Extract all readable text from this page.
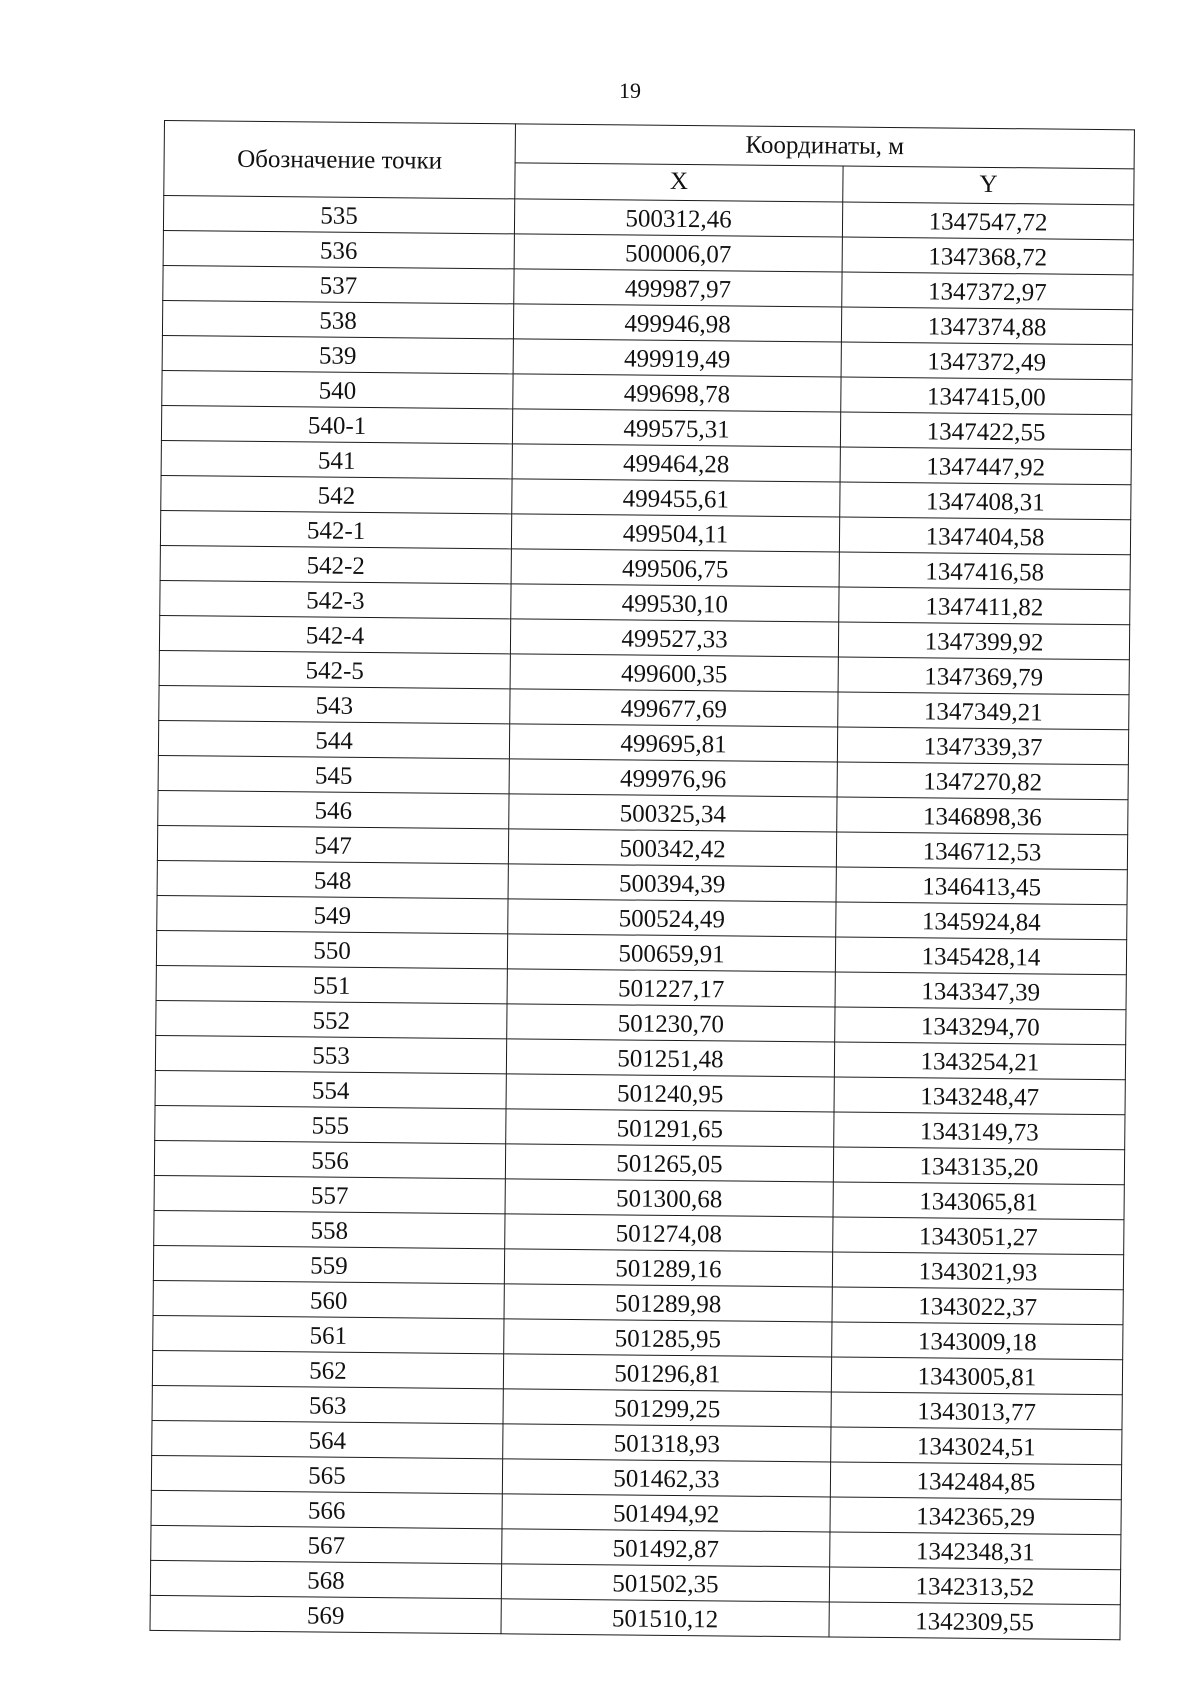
19
Обозначение точки	Координаты, м	
	X	Y
535	500312,46	1347547,72
536	500006,07	1347368,72
537	499987,97	1347372,97
538	499946,98	1347374,88
539	499919,49	1347372,49
540	499698,78	1347415,00
540-1	499575,31	1347422,55
541	499464,28	1347447,92
542	499455,61	1347408,31
542-1	499504,11	1347404,58
542-2	499506,75	1347416,58
542-3	499530,10	1347411,82
542-4	499527,33	1347399,92
542-5	499600,35	1347369,79
543	499677,69	1347349,21
544	499695,81	1347339,37
545	499976,96	1347270,82
546	500325,34	1346898,36
547	500342,42	1346712,53
548	500394,39	1346413,45
549	500524,49	1345924,84
550	500659,91	1345428,14
551	501227,17	1343347,39
552	501230,70	1343294,70
553	501251,48	1343254,21
554	501240,95	1343248,47
555	501291,65	1343149,73
556	501265,05	1343135,20
557	501300,68	1343065,81
558	501274,08	1343051,27
559	501289,16	1343021,93
560	501289,98	1343022,37
561	501285,95	1343009,18
562	501296,81	1343005,81
563	501299,25	1343013,77
564	501318,93	1343024,51
565	501462,33	1342484,85
566	501494,92	1342365,29
567	501492,87	1342348,31
568	501502,35	1342313,52
569	501510,12	1342309,55
